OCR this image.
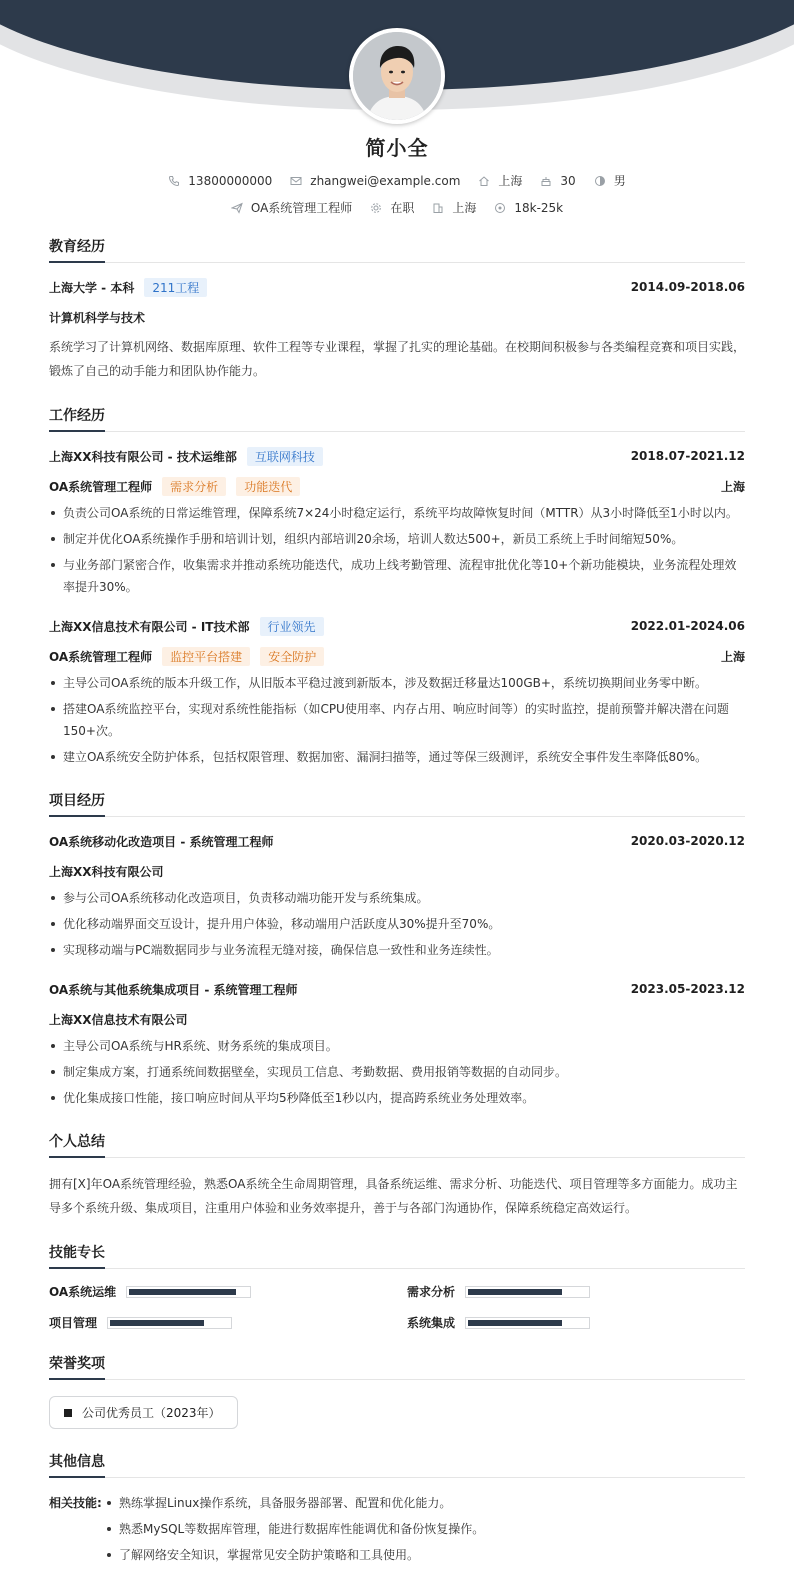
简小全
13800000000	zhangwei@example.com	上海	30	男
OA系统管理工程师	在职	上海	18k-25k
教育经历
上海大学 - 本科	211工程	2014.09-2018.06
计算机科学与技术
系统学习了计算机网络、数据库原理、软件工程等专业课程，掌握了扎实的理论基础。在校期间积极参与各类编程竞赛和项目实践，锻炼了自己的动手能力和团队协作能力。
工作经历
上海XX科技有限公司 - 技术运维部	互联网科技	2018.07-2021.12
OA系统管理工程师	需求分析	功能迭代	上海
负责公司OA系统的日常运维管理，保障系统7×24小时稳定运行，系统平均故障恢复时间（MTTR）从3小时降低至1小时以内。
制定并优化OA系统操作手册和培训计划，组织内部培训20余场，培训人数达500+，新员工系统上手时间缩短50%。
与业务部门紧密合作，收集需求并推动系统功能迭代，成功上线考勤管理、流程审批优化等10+个新功能模块，业务流程处理效率提升30%。
上海XX信息技术有限公司 - IT技术部	行业领先	2022.01-2024.06
OA系统管理工程师	监控平台搭建	安全防护	上海
主导公司OA系统的版本升级工作，从旧版本平稳过渡到新版本，涉及数据迁移量达100GB+，系统切换期间业务零中断。
搭建OA系统监控平台，实现对系统性能指标（如CPU使用率、内存占用、响应时间等）的实时监控，提前预警并解决潜在问题150+次。
建立OA系统安全防护体系，包括权限管理、数据加密、漏洞扫描等，通过等保三级测评，系统安全事件发生率降低80%。
项目经历
OA系统移动化改造项目 - 系统管理工程师	2020.03-2020.12
上海XX科技有限公司
参与公司OA系统移动化改造项目，负责移动端功能开发与系统集成。
优化移动端界面交互设计，提升用户体验，移动端用户活跃度从30%提升至70%。
实现移动端与PC端数据同步与业务流程无缝对接，确保信息一致性和业务连续性。
OA系统与其他系统集成项目 - 系统管理工程师	2023.05-2023.12
上海XX信息技术有限公司
主导公司OA系统与HR系统、财务系统的集成项目。
制定集成方案，打通系统间数据壁垒，实现员工信息、考勤数据、费用报销等数据的自动同步。
优化集成接口性能，接口响应时间从平均5秒降低至1秒以内，提高跨系统业务处理效率。
个人总结
拥有[X]年OA系统管理经验，熟悉OA系统全生命周期管理，具备系统运维、需求分析、功能迭代、项目管理等多方面能力。成功主导多个系统升级、集成项目，注重用户体验和业务效率提升，善于与各部门沟通协作，保障系统稳定高效运行。
技能专长
OA系统运维	需求分析
项目管理	系统集成
荣誉奖项
公司优秀员工（2023年）
其他信息
相关技能:	熟练掌握Linux操作系统，具备服务器部署、配置和优化能力。
熟悉MySQL等数据库管理，能进行数据库性能调优和备份恢复操作。
了解网络安全知识，掌握常见安全防护策略和工具使用。
